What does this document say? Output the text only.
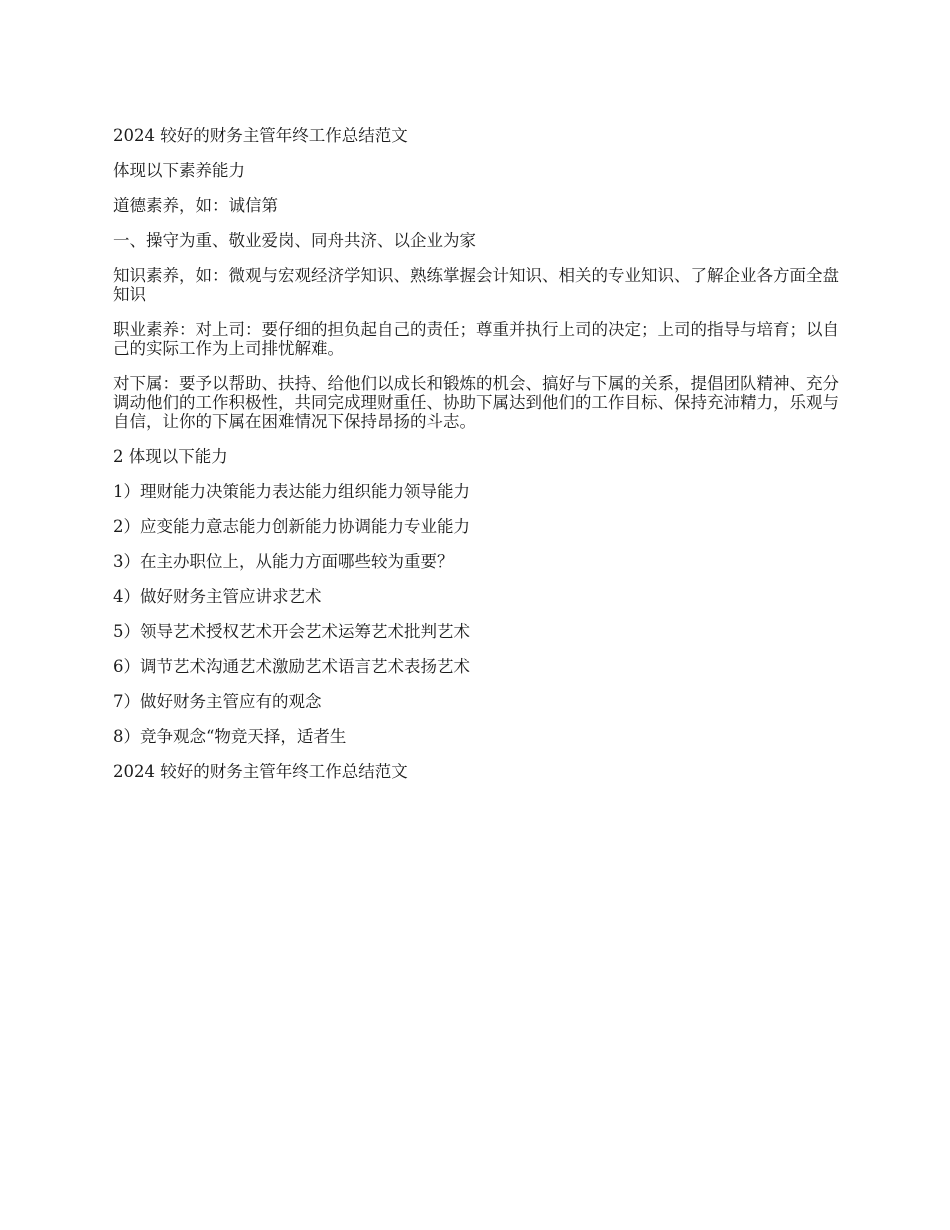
2024 较好的财务主管年终工作总结范文

体现以下素养能力

道德素养，如：诚信第

一、操守为重、敬业爱岗、同舟共济、以企业为家

知识素养，如：微观与宏观经济学知识、熟练掌握会计知识、相关的专业知识、了解企业各方面全盘知识

职业素养：对上司：要仔细的担负起自己的责任；尊重并执行上司的决定；上司的指导与培育；以自己的实际工作为上司排忧解难。

对下属：要予以帮助、扶持、给他们以成长和锻炼的机会、搞好与下属的关系，提倡团队精神、充分调动他们的工作积极性，共同完成理财重任、协助下属达到他们的工作目标、保持充沛精力，乐观与自信，让你的下属在困难情况下保持昂扬的斗志。

2 体现以下能力

1）理财能力决策能力表达能力组织能力领导能力

2）应变能力意志能力创新能力协调能力专业能力

3）在主办职位上，从能力方面哪些较为重要？

4）做好财务主管应讲求艺术

5）领导艺术授权艺术开会艺术运筹艺术批判艺术

6）调节艺术沟通艺术激励艺术语言艺术表扬艺术

7）做好财务主管应有的观念

8）竞争观念“物竞天择，适者生

2024 较好的财务主管年终工作总结范文
